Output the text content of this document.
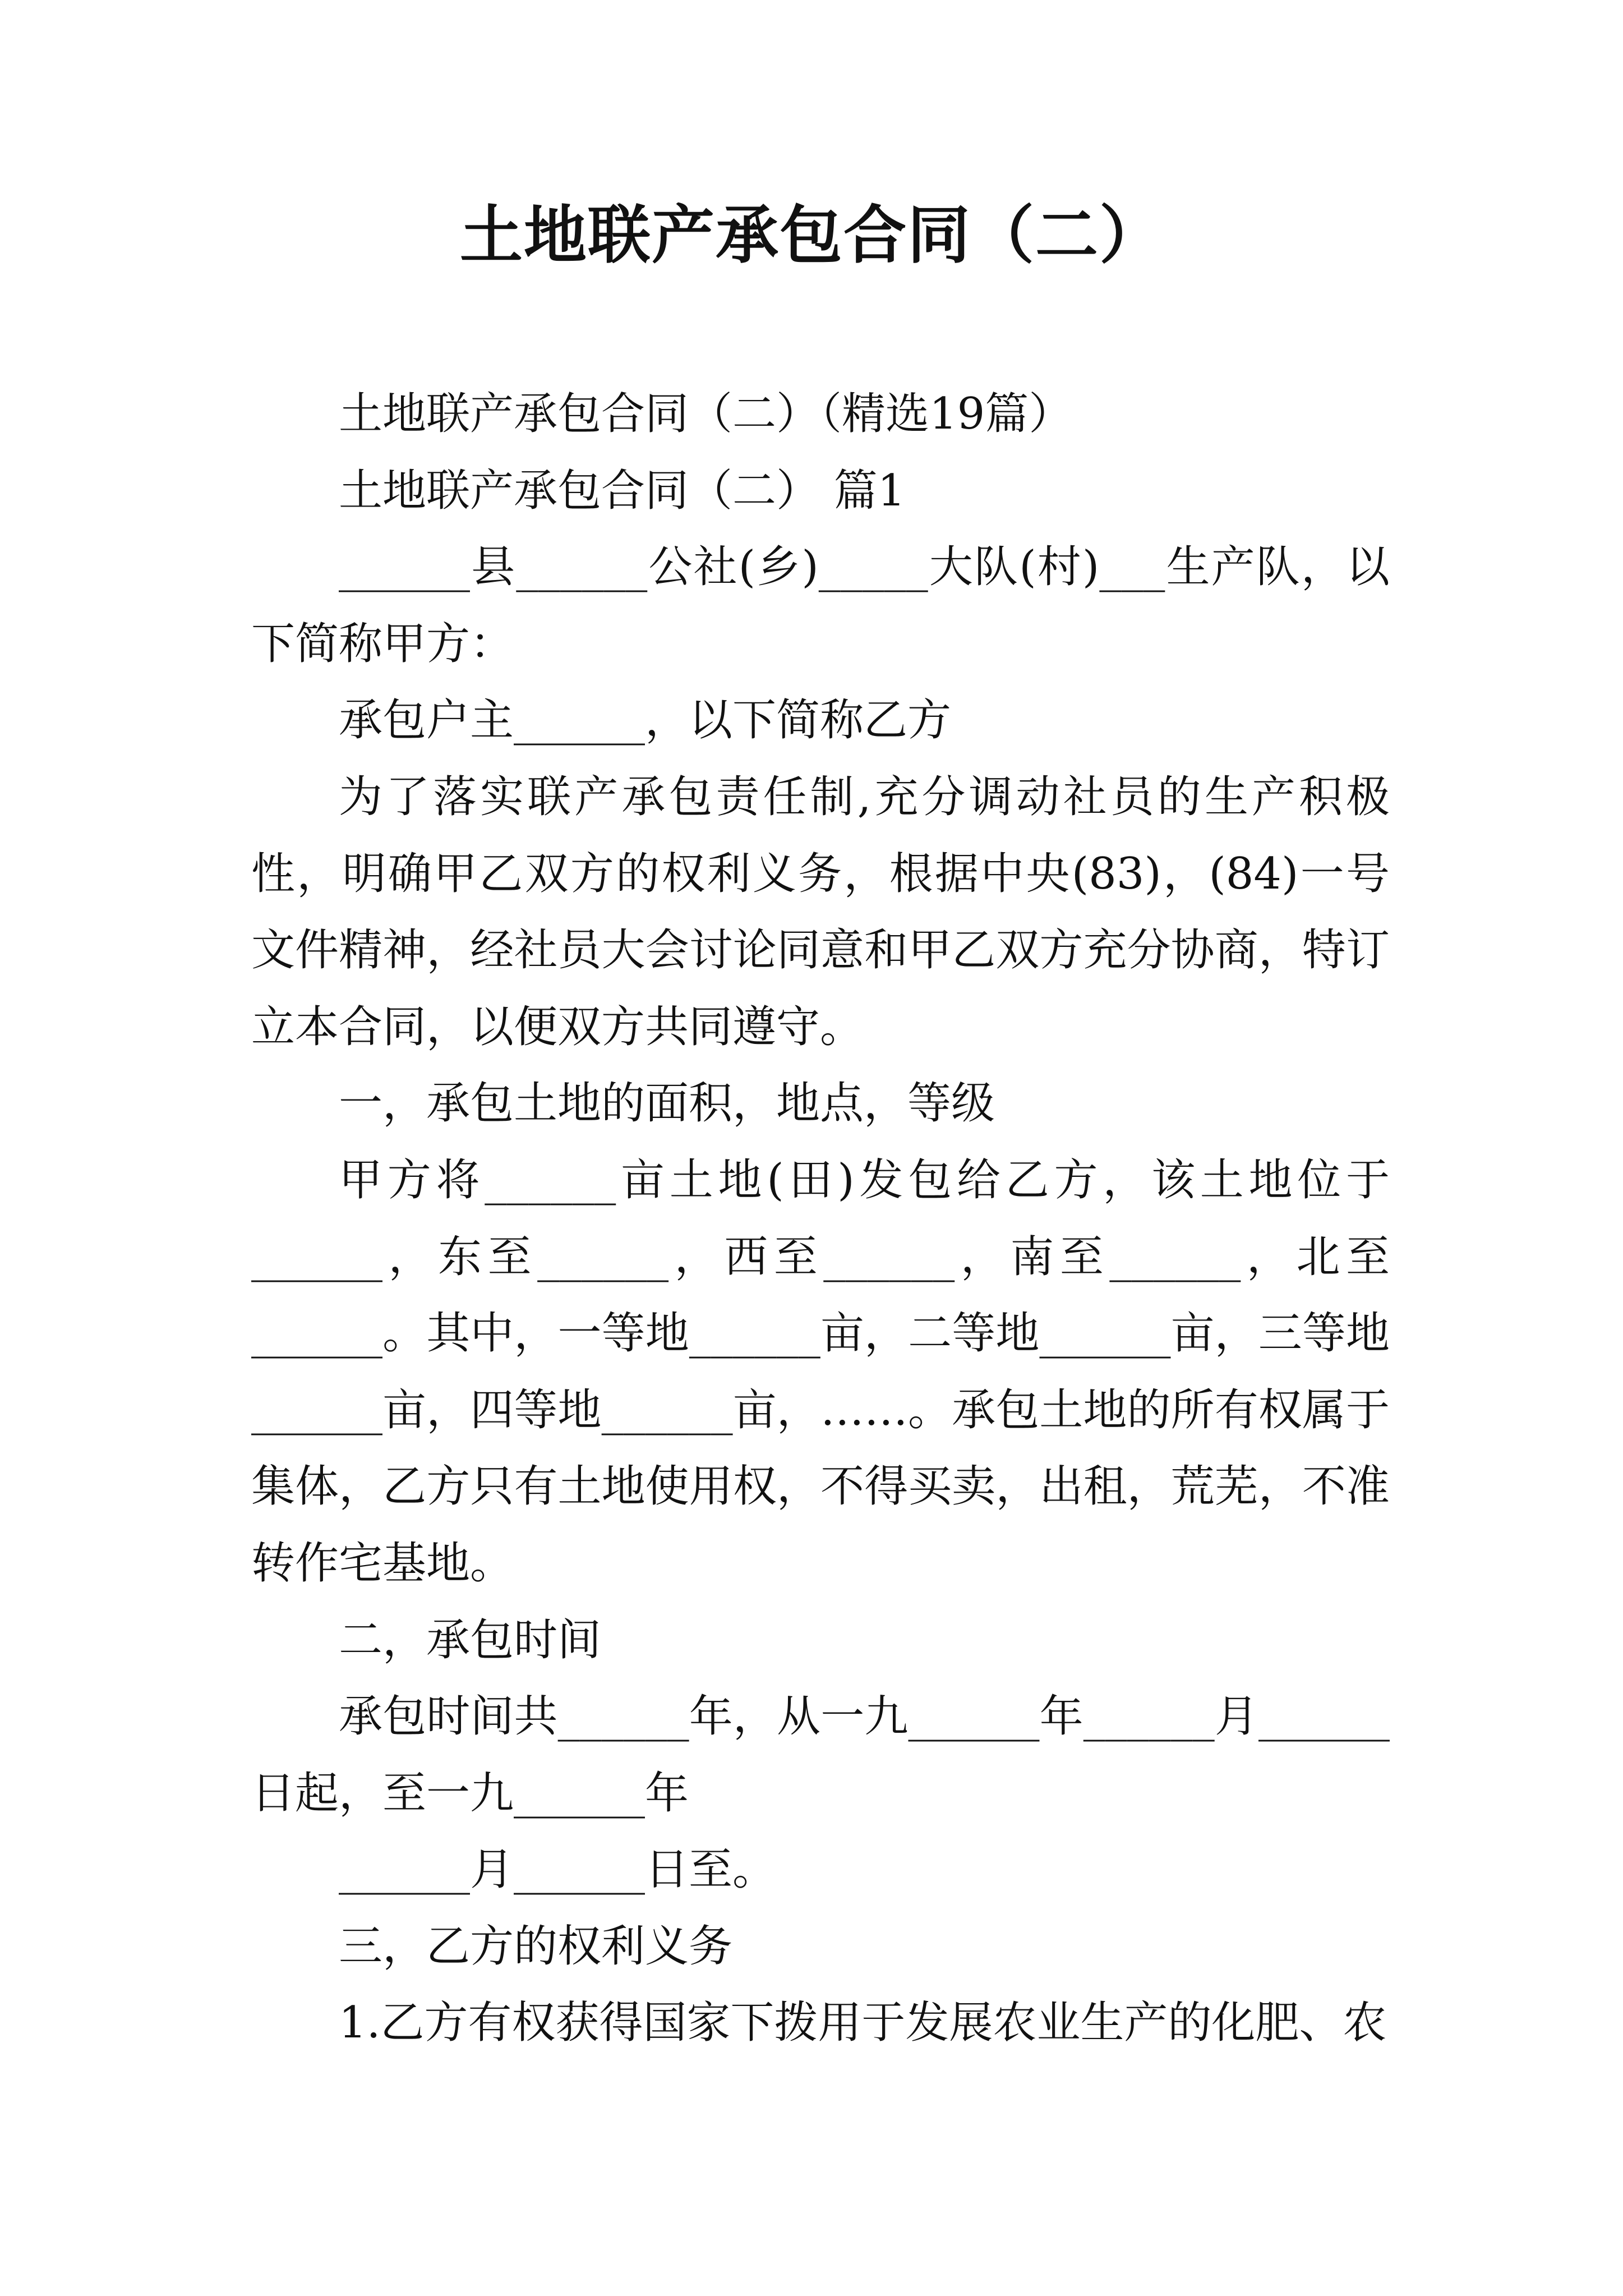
土地联产承包合同（二）

土地联产承包合同（二）（精选19篇）

土地联产承包合同（二） 篇1

______县______公社(乡)_____大队(村)___生产队，以下简称甲方：

承包户主______，以下简称乙方

为了落实联产承包责任制,充分调动社员的生产积极性，明确甲乙双方的权利义务，根据中央(83)，(84)一号文件精神，经社员大会讨论同意和甲乙双方充分协商，特订立本合同，以便双方共同遵守。

一，承包土地的面积，地点，等级

甲方将______亩土地(田)发包给乙方，该土地位于______，东至______，西至______，南至______，北至______。其中，一等地______亩，二等地______亩，三等地______亩，四等地______亩，……。承包土地的所有权属于集体，乙方只有土地使用权，不得买卖，出租，荒芜，不准转作宅基地。

二，承包时间

承包时间共______年，从一九______年______月______日起，至一九______年

______月______日至。

三，乙方的权利义务

1.乙方有权获得国家下拨用于发展农业生产的化肥、农
